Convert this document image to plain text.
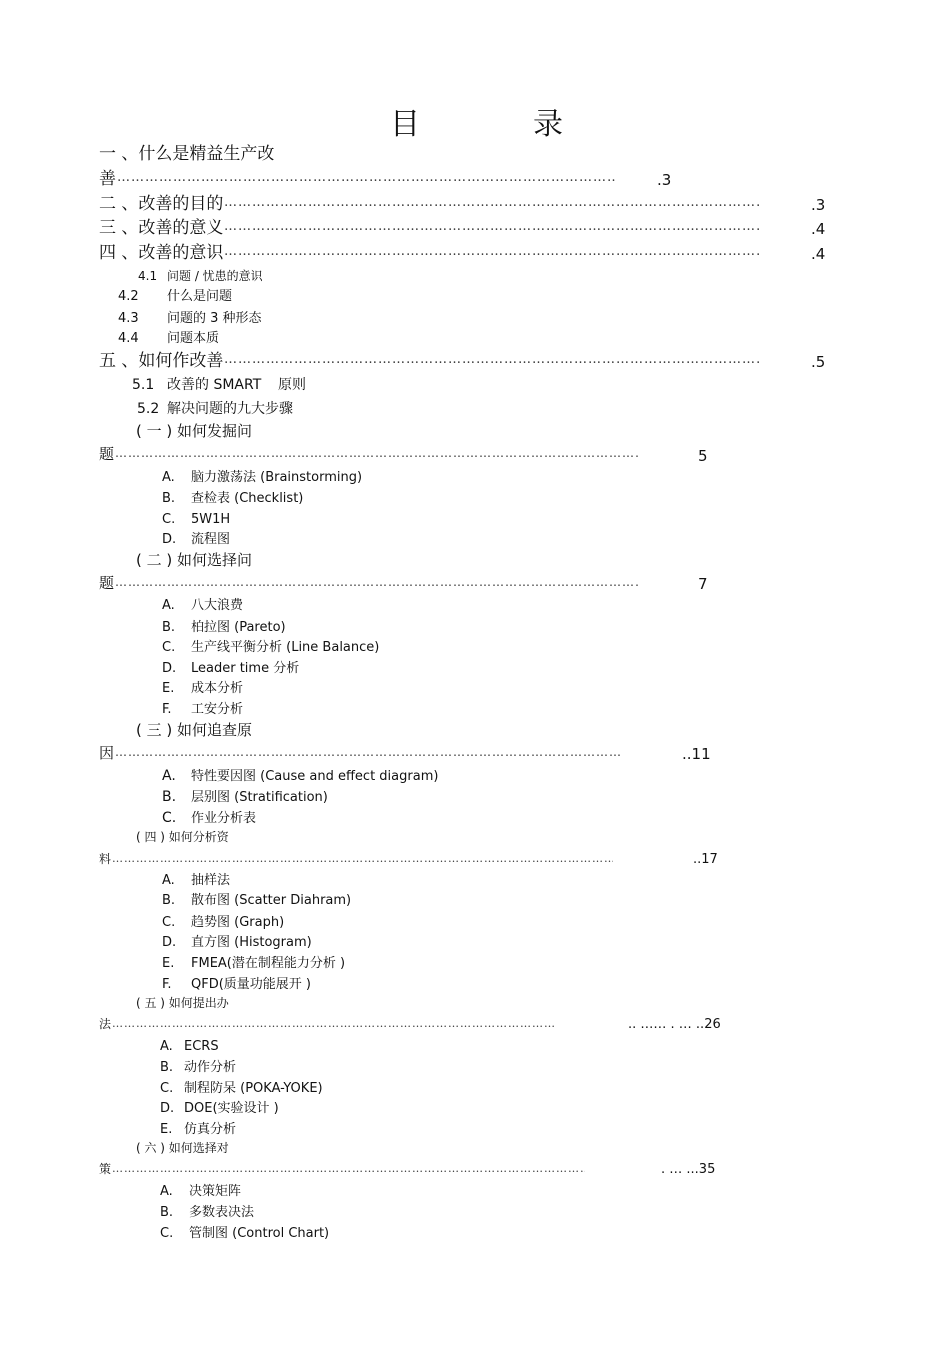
目	录
一 、什么是精益生产改
善 ………………………………………………………………………………………………………………………………………………………………………………	.3
二 、改善的目的 ………………………………………………………………………………………………………………………………………………………………………………	.3
三 、改善的意义 ………………………………………………………………………………………………………………………………………………………………………………	.4
四 、改善的意识 ………………………………………………………………………………………………………………………………………………………………………………	.4
4.1 问题 / 忧患的意识
4.2 什么是问题
4.3 问题的 3 种形态
4.4 问题本质
五 、如何作改善 ………………………………………………………………………………………………………………………………………………………………………………	.5
5.1 改善的 SMART 原则
5.2 解决问题的九大步骤
( 一 ) 如何发掘问
题 ………………………………………………………………………………………………………………………………………………………………………………	5
A. 脑力激荡法 (Brainstorming)
B. 查检表 (Checklist)
C. 5W1H
D. 流程图
( 二 ) 如何选择问
题 ………………………………………………………………………………………………………………………………………………………………………………	7
A. 八大浪费
B. 柏拉图 (Pareto)
C. 生产线平衡分析 (Line Balance)
D. Leader time 分析
E. 成本分析
F. 工安分析
( 三 ) 如何追查原
因 ………………………………………………………………………………………………………………………………………………………………………………	..11
A. 特性要因图 (Cause and effect diagram)
B. 层别图 (Stratification)
C. 作业分析表
( 四 ) 如何分析资
料 ………………………………………………………………………………………………………………………………………………………………………………	..17
A. 抽样法
B. 散布图 (Scatter Diahram)
C. 趋势图 (Graph)
D. 直方图 (Histogram)
E. FMEA(潜在制程能力分析 )
F. QFD(质量功能展开 )
( 五 ) 如何提出办
法 ………………………………………………………………………………………………………………………………………………………………………………	.. …… . … ..26
A. ECRS
B. 动作分析
C. 制程防呆 (POKA-YOKE)
D. DOE(实验设计 )
E. 仿真分析
( 六 ) 如何选择对
策 ………………………………………………………………………………………………………………………………………………………………………………	. … ...35
A. 决策矩阵
B. 多数表决法
C. 管制图 (Control Chart)
